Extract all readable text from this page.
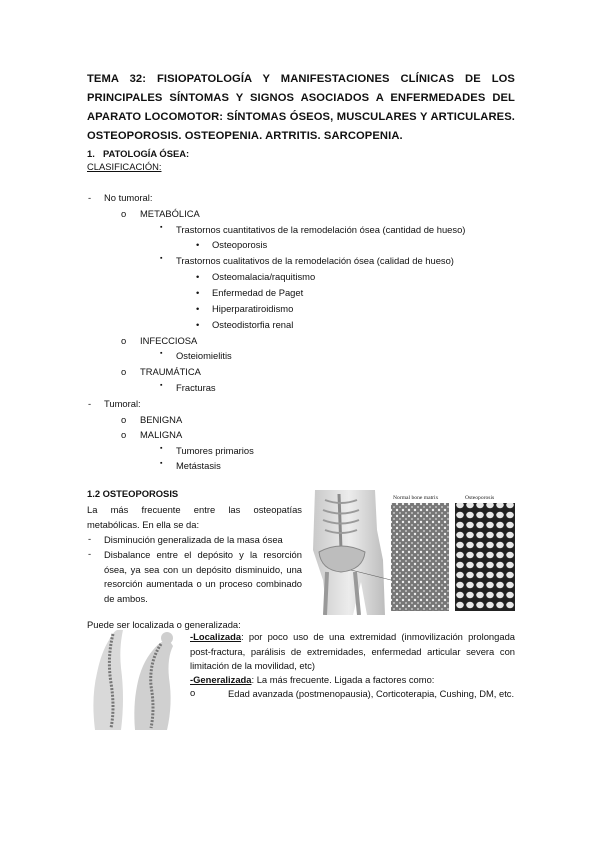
TEMA 32: FISIOPATOLOGÍA Y MANIFESTACIONES CLÍNICAS DE LOS PRINCIPALES SÍNTOMAS Y SIGNOS ASOCIADOS A ENFERMEDADES DEL APARATO LOCOMOTOR: SÍNTOMAS ÓSEOS, MUSCULARES Y ARTICULARES. OSTEOPOROSIS. OSTEOPENIA. ARTRITIS. SARCOPENIA.
1. PATOLOGÍA ÓSEA:
CLASIFICACIÓN:
- No tumoral:
o METABÓLICA
▪ Trastornos cuantitativos de la remodelación ósea (cantidad de hueso)
• Osteoporosis
▪ Trastornos cualitativos de la remodelación ósea (calidad de hueso)
• Osteomalacia/raquitismo
• Enfermedad de Paget
• Hiperparatiroidismo
• Osteodistorfia renal
o INFECCIOSA
▪ Osteiomielitis
o TRAUMÁTICA
▪ Fracturas
- Tumoral:
o BENIGNA
o MALIGNA
▪ Tumores primarios
▪ Metástasis
1.2 OSTEOPOROSIS
La más frecuente entre las osteopatías metabólicas. En ella se da:
- Disminución generalizada de la masa ósea
- Disbalance entre el depósito y la resorción ósea, ya sea con un depósito disminuido, una resorción aumentada o un proceso combinado de ambos.
Normal bone matrix	Osteoporosis
Puede ser localizada o generalizada:
-Localizada: por poco uso de una extremidad (inmovilización prolongada post-fractura, parálisis de extremidades, enfermedad articular severa con limitación de la movilidad, etc)
-Generalizada: La más frecuente. Ligada a factores como:
o	Edad avanzada (postmenopausia), Corticoterapia, Cushing, DM, etc.
